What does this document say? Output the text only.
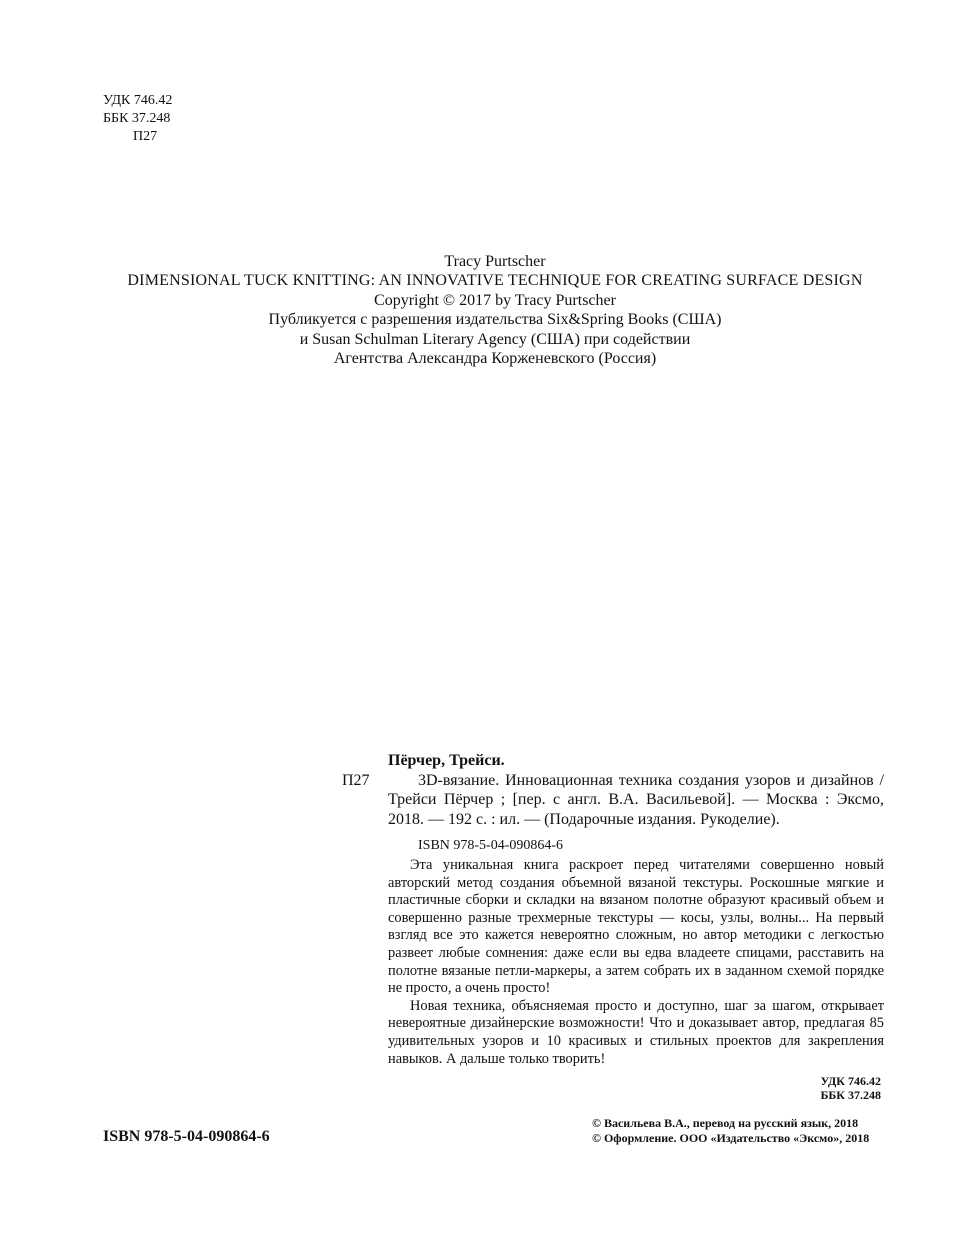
УДК 746.42
ББК 37.248
П27
Tracy Purtscher
DIMENSIONAL TUCK KNITTING: AN INNOVATIVE TECHNIQUE FOR CREATING SURFACE DESIGN
Copyright © 2017 by Tracy Purtscher
Публикуется с разрешения издательства Six&Spring Books (США)
и Susan Schulman Literary Agency (США) при содействии
Агентства Александра Корженевского (Россия)
П27
Пёрчер, Трейси.
3D-вязание. Инновационная техника создания узоров и дизайнов / Трейси Пёрчер ; [пер. с англ. В.А. Васильевой]. — Москва : Эксмо, 2018. — 192 с. : ил. — (Подарочные издания. Рукоделие).
ISBN 978-5-04-090864-6

Эта уникальная книга раскроет перед читателями совершенно новый авторский метод создания объемной вязаной текстуры. Роскошные мягкие и пластичные сборки и складки на вязаном полотне образуют красивый объем и совершенно разные трехмерные текстуры — косы, узлы, волны... На первый взгляд все это кажется невероятно сложным, но автор методики с легкостью развеет любые сомнения: даже если вы едва владеете спицами, расставить на полотне вязаные петли-маркеры, а затем собрать их в заданном схемой порядке не просто, а очень просто!

Новая техника, объясняемая просто и доступно, шаг за шагом, открывает невероятные дизайнерские возможности! Что и доказывает автор, предлагая 85 удивительных узоров и 10 красивых и стильных проектов для закрепления навыков. А дальше только творить!

УДК 746.42
ББК 37.248
ISBN 978-5-04-090864-6
© Васильева В.А., перевод на русский язык, 2018
© Оформление. ООО «Издательство «Эксмо», 2018
